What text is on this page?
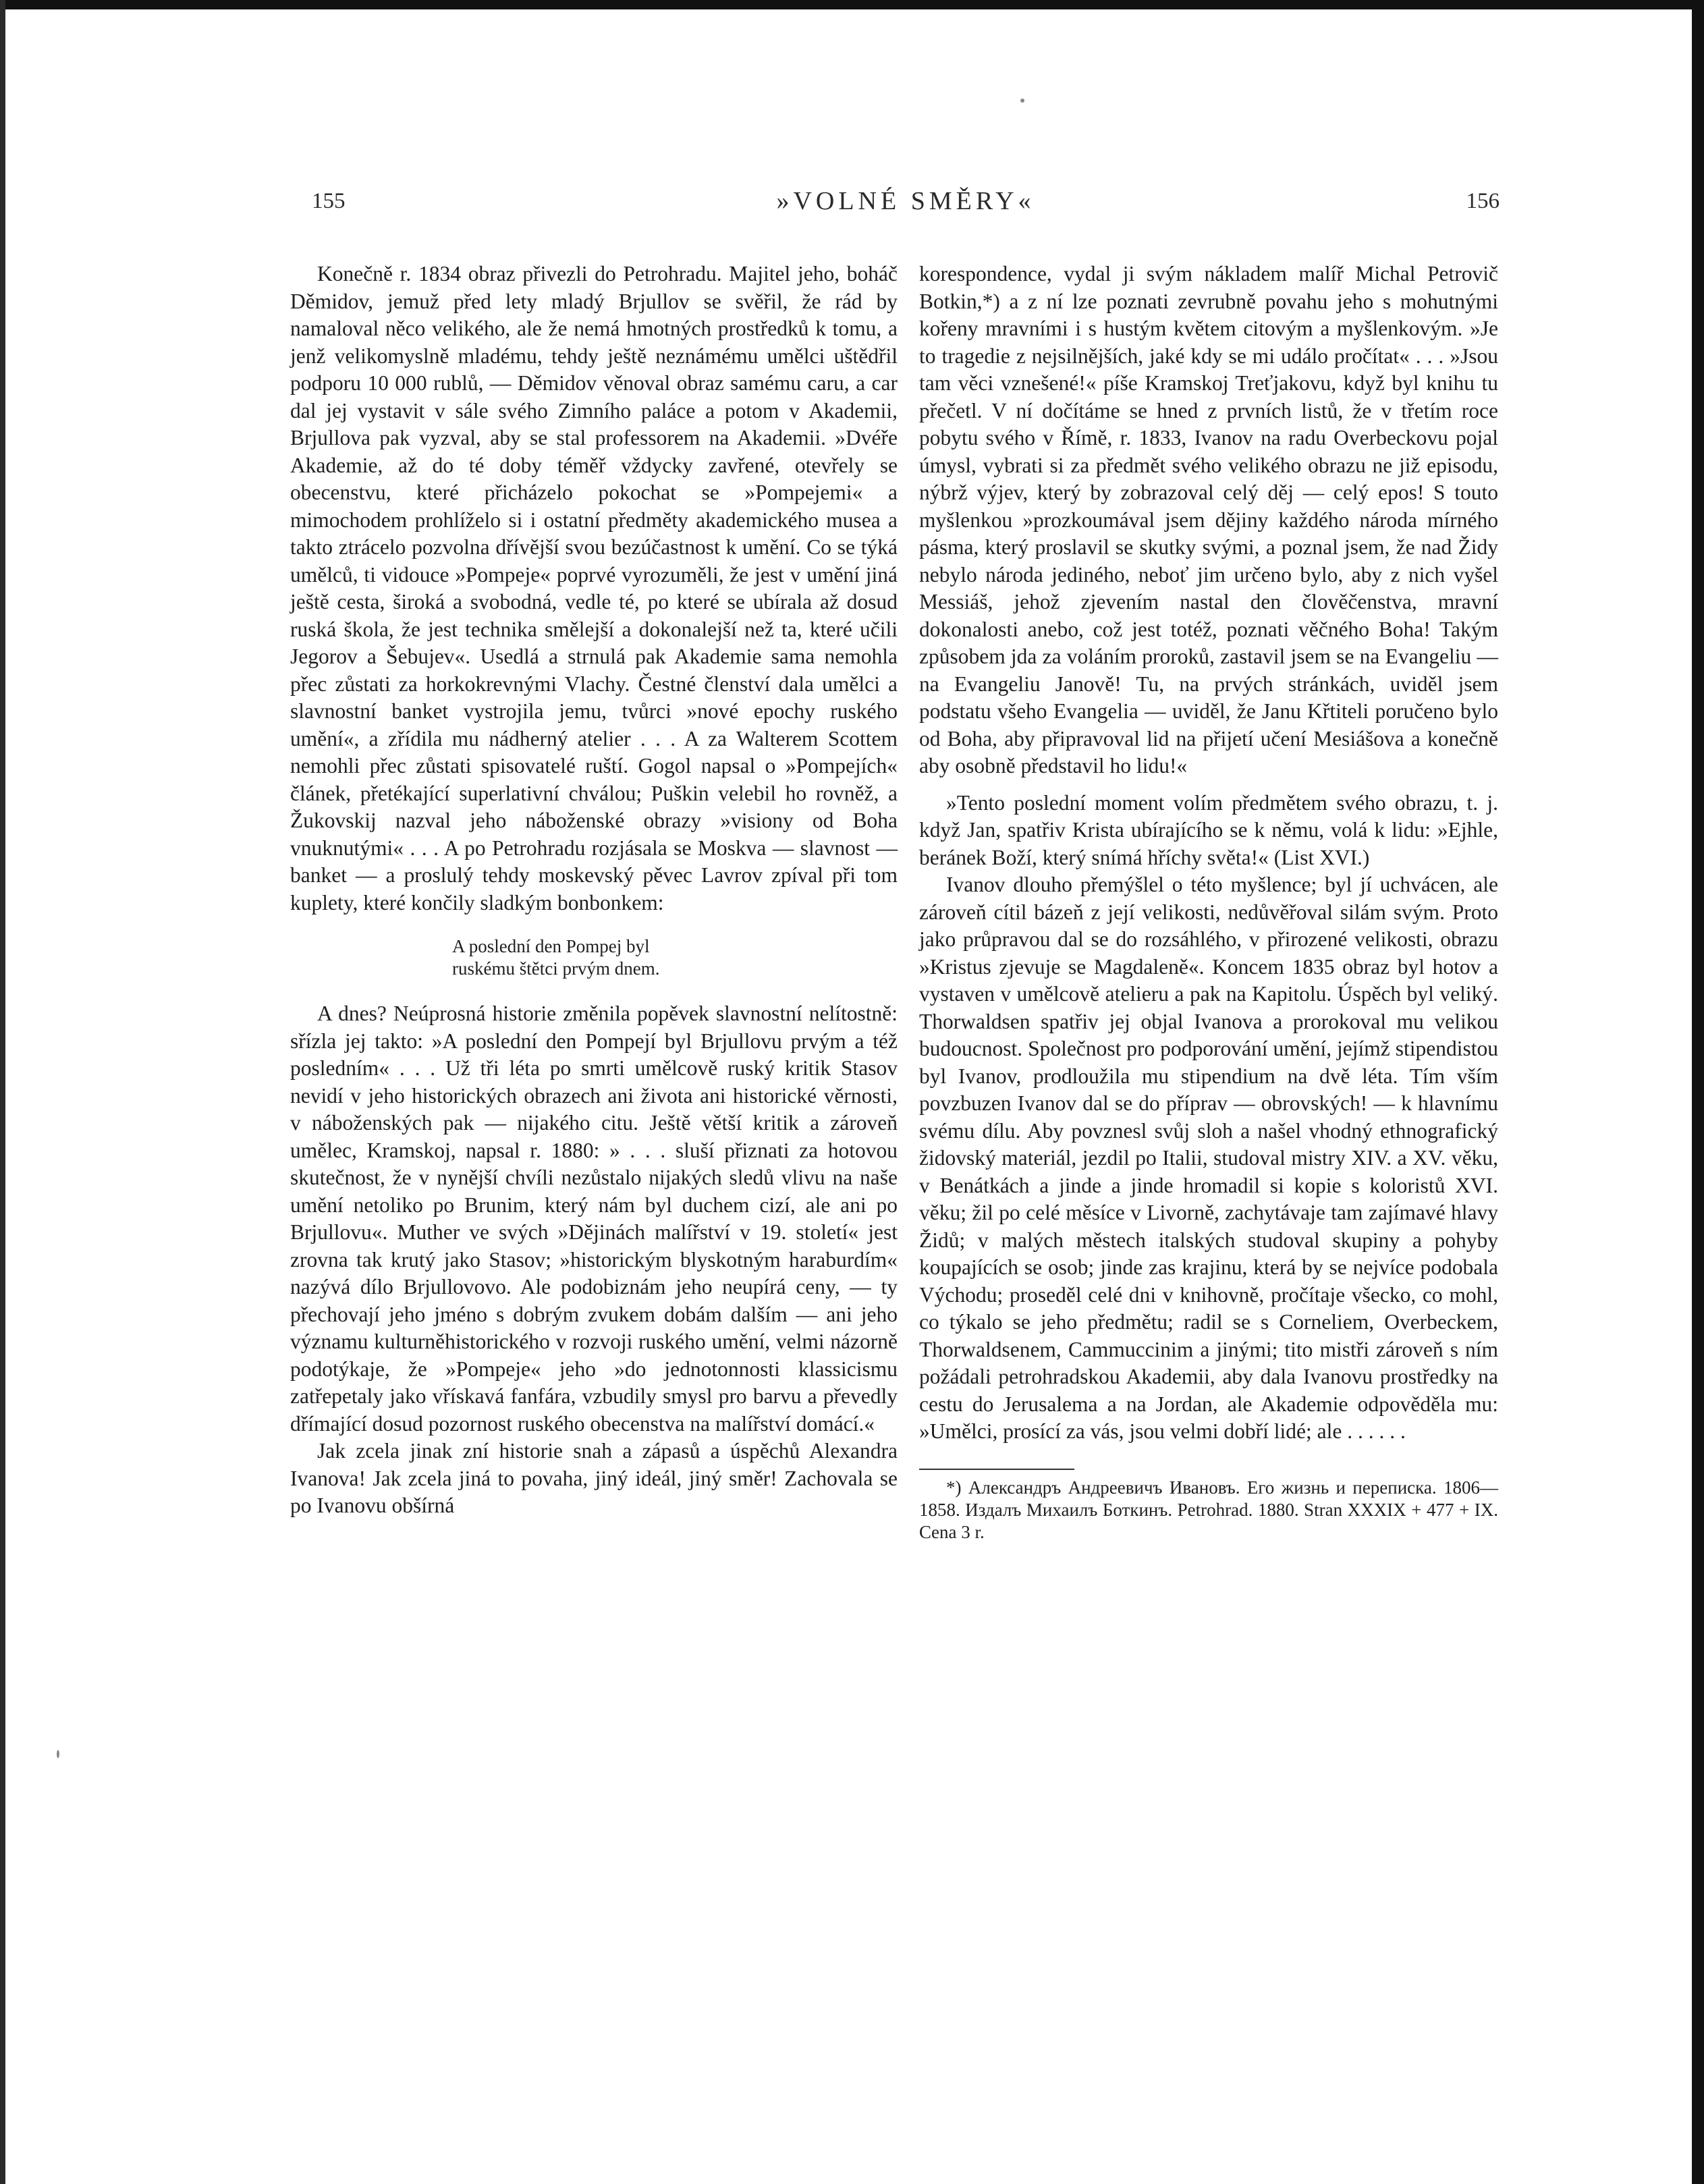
155	»VOLNÉ SMĚRY«	156

Konečně r. 1834 obraz přivezli do Petrohradu. Majitel jeho, boháč Děmidov, jemuž před lety mladý Brjullov se svěřil, že rád by namaloval něco velikého, ale že nemá hmotných prostředků k tomu, a jenž velikomyslně mladému, tehdy ještě neznámému umělci uštědřil podporu 10 000 rublů, — Děmidov věnoval obraz samému caru, a car dal jej vystavit v sále svého Zimního paláce a potom v Akademii, Brjullova pak vyzval, aby se stal professorem na Akademii. »Dvéře Akademie, až do té doby téměř vždycky zavřené, otevřely se obecenstvu, které přicházelo pokochat se »Pompejemi« a mimochodem prohlíželo si i ostatní předměty akademického musea a takto ztrácelo pozvolna dřívější svou bezúčastnost k umění. Co se týká umělců, ti vidouce »Pompeje« poprvé vyrozuměli, že jest v umění jiná ještě cesta, široká a svobodná, vedle té, po které se ubírala až dosud ruská škola, že jest technika smělejší a dokonalejší než ta, které učili Jegorov a Šebujev«. Usedlá a strnulá pak Akademie sama nemohla přec zůstati za horkokrevnými Vlachy. Čestné členství dala umělci a slavnostní banket vystrojila jemu, tvůrci »nové epochy ruského umění«, a zřídila mu nádherný atelier . . . A za Walterem Scottem nemohli přec zůstati spisovatelé ruští. Gogol napsal o »Pompejích« článek, přetékající superlativní chválou; Puškin velebil ho rovněž, a Žukovskij nazval jeho náboženské obrazy »visiony od Boha vnuknutými« . . . A po Petrohradu rozjásala se Moskva — slavnost — banket — a proslulý tehdy moskevský pěvec Lavrov zpíval při tom kuplety, které končily sladkým bonbonkem:

A poslední den Pompej byl
ruskému štětci prvým dnem.

A dnes? Neúprosná historie změnila popěvek slavnostní nelítostně: sřízla jej takto: »A poslední den Pompejí byl Brjullovu prvým a též posledním« . . . Už tři léta po smrti umělcově ruský kritik Stasov nevidí v jeho historických obrazech ani života ani historické věrnosti, v náboženských pak — nijakého citu. Ještě větší kritik a zároveň umělec, Kramskoj, napsal r. 1880: » . . . sluší přiznati za hotovou skutečnost, že v nynější chvíli nezůstalo nijakých sledů vlivu na naše umění netoliko po Brunim, který nám byl duchem cizí, ale ani po Brjullovu«. Muther ve svých »Dějinách malířství v 19. století« jest zrovna tak krutý jako Stasov; »historickým blyskotným haraburdím« nazývá dílo Brjullovovo. Ale podobiznám jeho neupírá ceny, — ty přechovají jeho jméno s dobrým zvukem dobám dalším — ani jeho významu kulturněhistorického v rozvoji ruského umění, velmi názorně podotýkaje, že »Pompeje« jeho »do jednotonnosti klassicismu zatřepetaly jako vřískavá fanfára, vzbudily smysl pro barvu a převedly dřímající dosud pozornost ruského obecenstva na malířství domácí.«

Jak zcela jinak zní historie snah a zápasů a úspěchů Alexandra Ivanova! Jak zcela jiná to povaha, jiný ideál, jiný směr! Zachovala se po Ivanovu obšírná

korespondence, vydal ji svým nákladem malíř Michal Petrovič Botkin,*) a z ní lze poznati zevrubně povahu jeho s mohutnými kořeny mravními i s hustým květem citovým a myšlenkovým. »Je to tragedie z nejsilnějších, jaké kdy se mi událo pročítat« . . . »Jsou tam věci vznešené!« píše Kramskoj Treťjakovu, když byl knihu tu přečetl. V ní dočítáme se hned z prvních listů, že v třetím roce pobytu svého v Římě, r. 1833, Ivanov na radu Overbeckovu pojal úmysl, vybrati si za předmět svého velikého obrazu ne již episodu, nýbrž výjev, který by zobrazoval celý děj — celý epos! S touto myšlenkou »prozkoumával jsem dějiny každého národa mírného pásma, který proslavil se skutky svými, a poznal jsem, že nad Židy nebylo národa jediného, neboť jim určeno bylo, aby z nich vyšel Messiáš, jehož zjevením nastal den člověčenstva, mravní dokonalosti anebo, což jest totéž, poznati věčného Boha! Takým způsobem jda za voláním proroků, zastavil jsem se na Evangeliu — na Evangeliu Janově! Tu, na prvých stránkách, uviděl jsem podstatu všeho Evangelia — uviděl, že Janu Křtiteli poručeno bylo od Boha, aby připravoval lid na přijetí učení Mesiášova a konečně aby osobně představil ho lidu!«

»Tento poslední moment volím předmětem svého obrazu, t. j. když Jan, spatřiv Krista ubírajícího se k němu, volá k lidu: »Ejhle, beránek Boží, který snímá hříchy světa!« (List XVI.)

Ivanov dlouho přemýšlel o této myšlence; byl jí uchvácen, ale zároveň cítil bázeň z její velikosti, nedůvěřoval silám svým. Proto jako průpravou dal se do rozsáhlého, v přirozené velikosti, obrazu »Kristus zjevuje se Magdaleně«. Koncem 1835 obraz byl hotov a vystaven v umělcově atelieru a pak na Kapitolu. Úspěch byl veliký. Thorwaldsen spatřiv jej objal Ivanova a prorokoval mu velikou budoucnost. Společnost pro podporování umění, jejímž stipendistou byl Ivanov, prodloužila mu stipendium na dvě léta. Tím vším povzbuzen Ivanov dal se do příprav — obrovských! — k hlavnímu svému dílu. Aby povznesl svůj sloh a našel vhodný ethnografický židovský materiál, jezdil po Italii, studoval mistry XIV. a XV. věku, v Benátkách a jinde a jinde hromadil si kopie s koloristů XVI. věku; žil po celé měsíce v Livorně, zachytávaje tam zajímavé hlavy Židů; v malých městech italských studoval skupiny a pohyby koupajících se osob; jinde zas krajinu, která by se nejvíce podobala Východu; proseděl celé dni v knihovně, pročítaje všecko, co mohl, co týkalo se jeho předmětu; radil se s Corneliem, Overbeckem, Thorwaldsenem, Cammuccinim a jinými; tito mistři zároveň s ním požádali petrohradskou Akademii, aby dala Ivanovu prostředky na cestu do Jerusalema a na Jordan, ale Akademie odpověděla mu: »Umělci, prosící za vás, jsou velmi dobří lidé; ale . . . . . .

*) Александръ Андреевичъ Ивановъ. Его жизнь и переписка. 1806—1858. Издалъ Михаилъ Боткинъ. Petrohrad. 1880. Stran XXXIX + 477 + IX. Cena 3 r.
